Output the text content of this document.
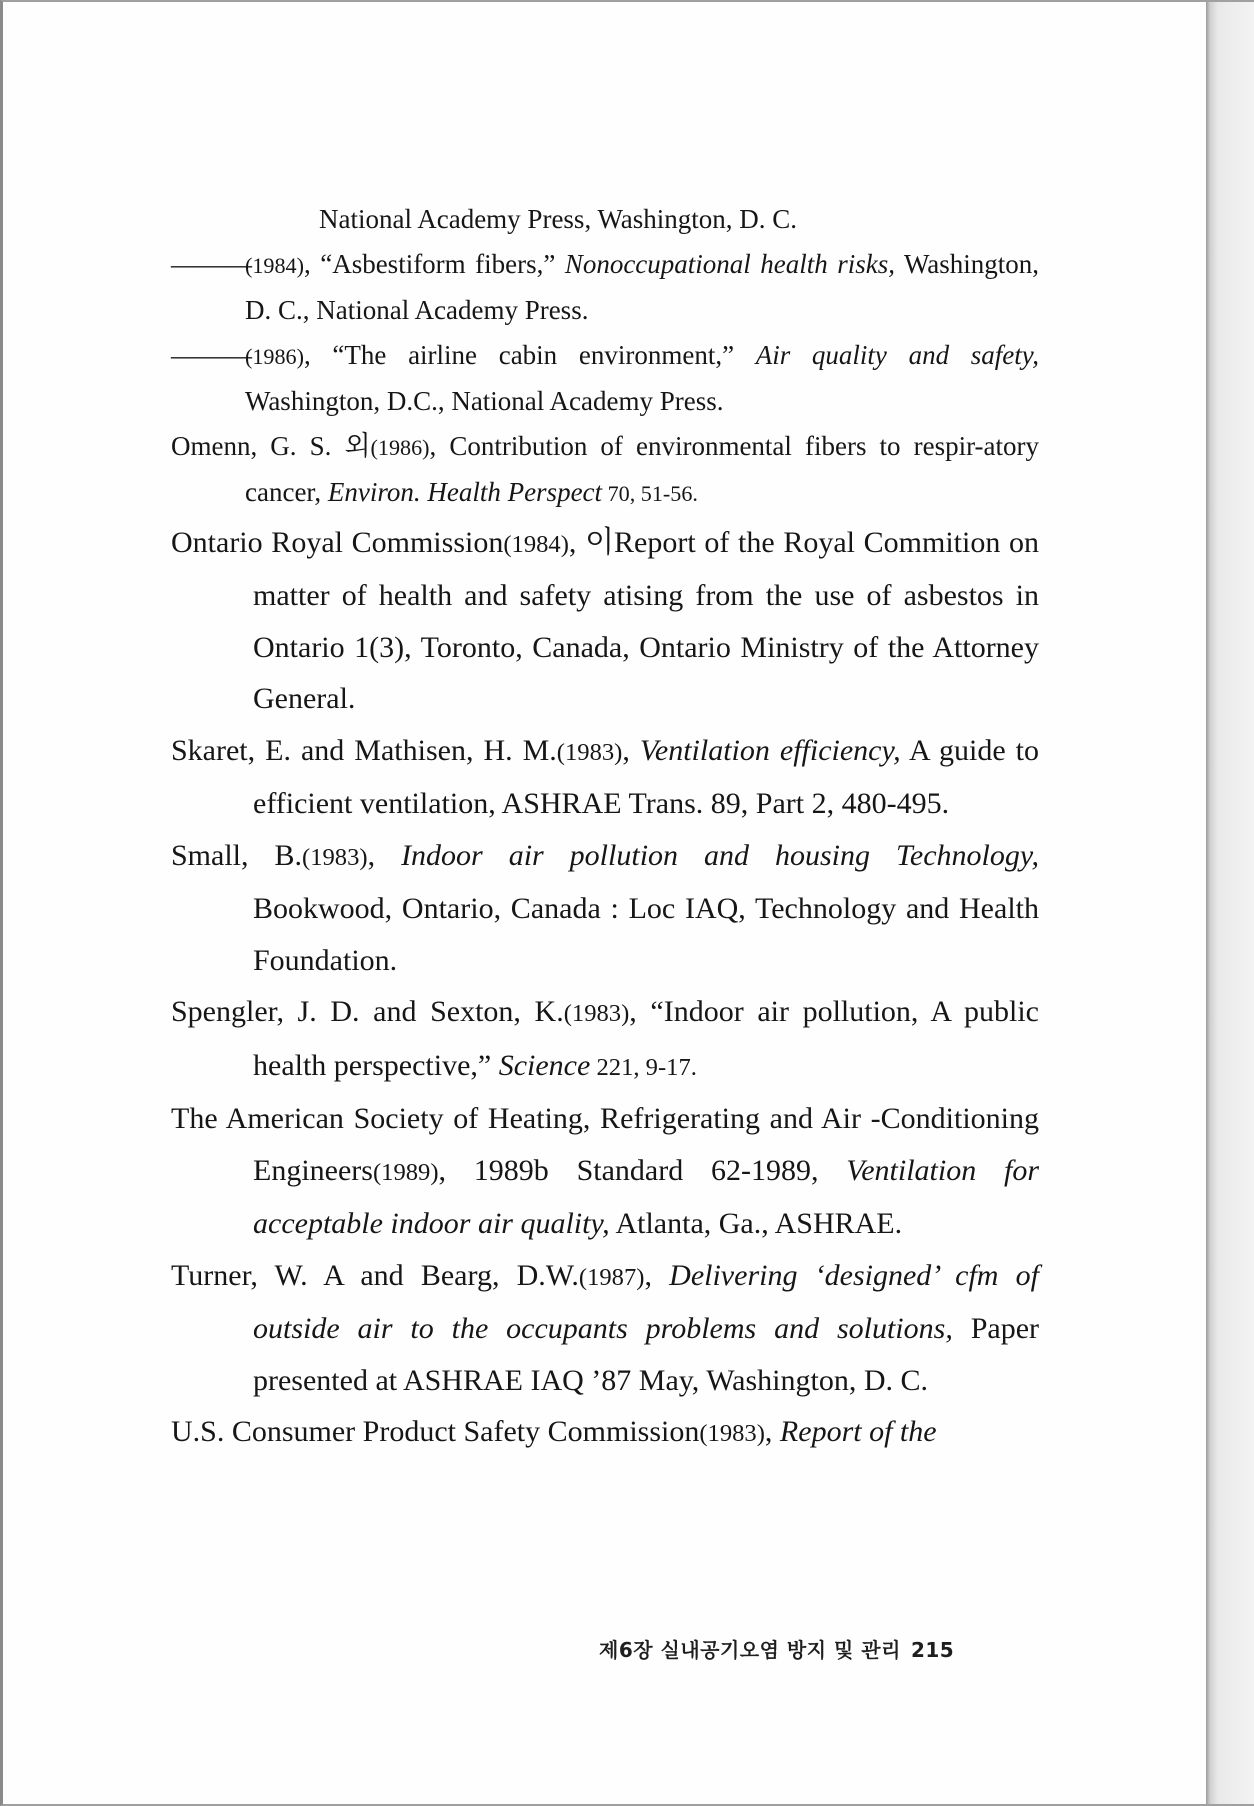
National Academy Press, Washington, D. C.
———(1984), “Asbestiform fibers,” Nonoccupational health risks, Washington, D. C., National Academy Press.
———(1986), “The airline cabin environment,” Air quality and safety, Washington, D.C., National Academy Press.
Omenn, G. S. 외(1986), Contribution of environmental fibers to respir-atory cancer, Environ. Health Perspect 70, 51-56.
Ontario Royal Commission(1984), 이Report of the Royal Commition on matter of health and safety atising from the use of asbestos in Ontario 1(3), Toronto, Canada, Ontario Ministry of the Attorney General.
Skaret, E. and Mathisen, H. M.(1983), Ventilation efficiency, A guide to efficient ventilation, ASHRAE Trans. 89, Part 2, 480-495.
Small, B.(1983), Indoor air pollution and housing Technology, Bookwood, Ontario, Canada : Loc IAQ, Technology and Health Foundation.
Spengler, J. D. and Sexton, K.(1983), “Indoor air pollution, A public health perspective,” Science 221, 9-17.
The American Society of Heating, Refrigerating and Air -Conditioning Engineers(1989), 1989b Standard 62-1989, Ventilation for acceptable indoor air quality, Atlanta, Ga., ASHRAE.
Turner, W. A and Bearg, D.W.(1987), Delivering ‘designed’ cfm of outside air to the occupants problems and solutions, Paper presented at ASHRAE IAQ ’87 May, Washington, D. C.
U.S. Consumer Product Safety Commission(1983), Report of the
제6장 실내공기오염 방지 및 관리 215
